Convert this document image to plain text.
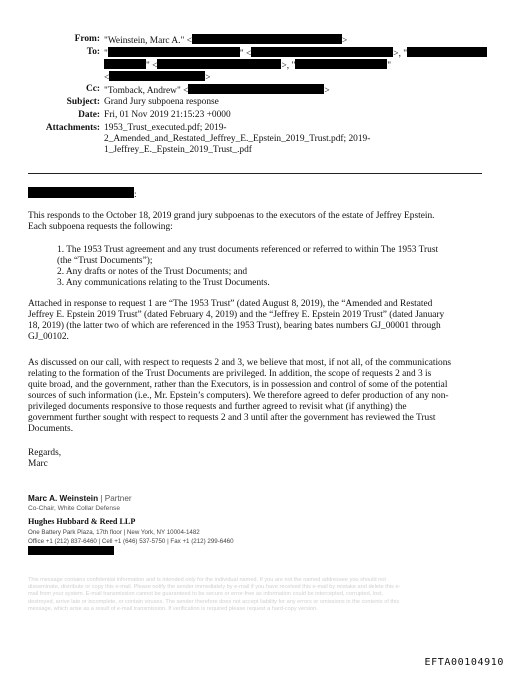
From: "Weinstein, Marc A." <	>
To: "	" <	>, "
" <	>, "	"
<	>
Cc: "Tomback, Andrew" <	>
Subject: Grand Jury subpoena response
Date: Fri, 01 Nov 2019 21:15:23 +0000
Attachments: 1953_Trust_executed.pdf; 2019-
2_Amended_and_Restated_Jeffrey_E._Epstein_2019_Trust.pdf; 2019-
1_Jeffrey_E._Epstein_2019_Trust_.pdf
:

This responds to the October 18, 2019 grand jury subpoenas to the executors of the estate of Jeffrey Epstein.

Each subpoena requests the following:

1. The 1953 Trust agreement and any trust documents referenced or referred to within The 1953 Trust

(the “Trust Documents”);

2. Any drafts or notes of the Trust Documents; and

3. Any communications relating to the Trust Documents.

Attached in response to request 1 are “The 1953 Trust” (dated August 8, 2019), the “Amended and Restated

Jeffrey E. Epstein 2019 Trust” (dated February 4, 2019) and the “Jeffrey E. Epstein 2019 Trust” (dated January

18, 2019) (the latter two of which are referenced in the 1953 Trust), bearing bates numbers GJ_00001 through

GJ_00102.

As discussed on our call, with respect to requests 2 and 3, we believe that most, if not all, of the communications

relating to the formation of the Trust Documents are privileged. In addition, the scope of requests 2 and 3 is

quite broad, and the government, rather than the Executors, is in possession and control of some of the potential

sources of such information (i.e., Mr. Epstein’s computers). We therefore agreed to defer production of any non-

privileged documents responsive to those requests and further agreed to revisit what (if anything) the

government further sought with respect to requests 2 and 3 until after the government has reviewed the Trust

Documents.

Regards,

Marc

Marc A. Weinstein | Partner
Co-Chair, White Collar Defense
Hughes Hubbard & Reed LLP
One Battery Park Plaza, 17th floor | New York, NY 10004-1482
Office +1 (212) 837-6460 | Cell +1 (646) 537-5750 | Fax +1 (212) 299-6460

This message contains confidential information and is intended only for the individual named. If you are not the named addressee you should not

disseminate, distribute or copy this e-mail. Please notify the sender immediately by e-mail if you have received this e-mail by mistake and delete this e-

mail from your system. E-mail transmission cannot be guaranteed to be secure or error-free as information could be intercepted, corrupted, lost,

destroyed, arrive late or incomplete, or contain viruses. The sender therefore does not accept liability for any errors or omissions in the contents of this

message, which arise as a result of e-mail transmission. If verification is required please request a hard-copy version.

EFTA00104910
